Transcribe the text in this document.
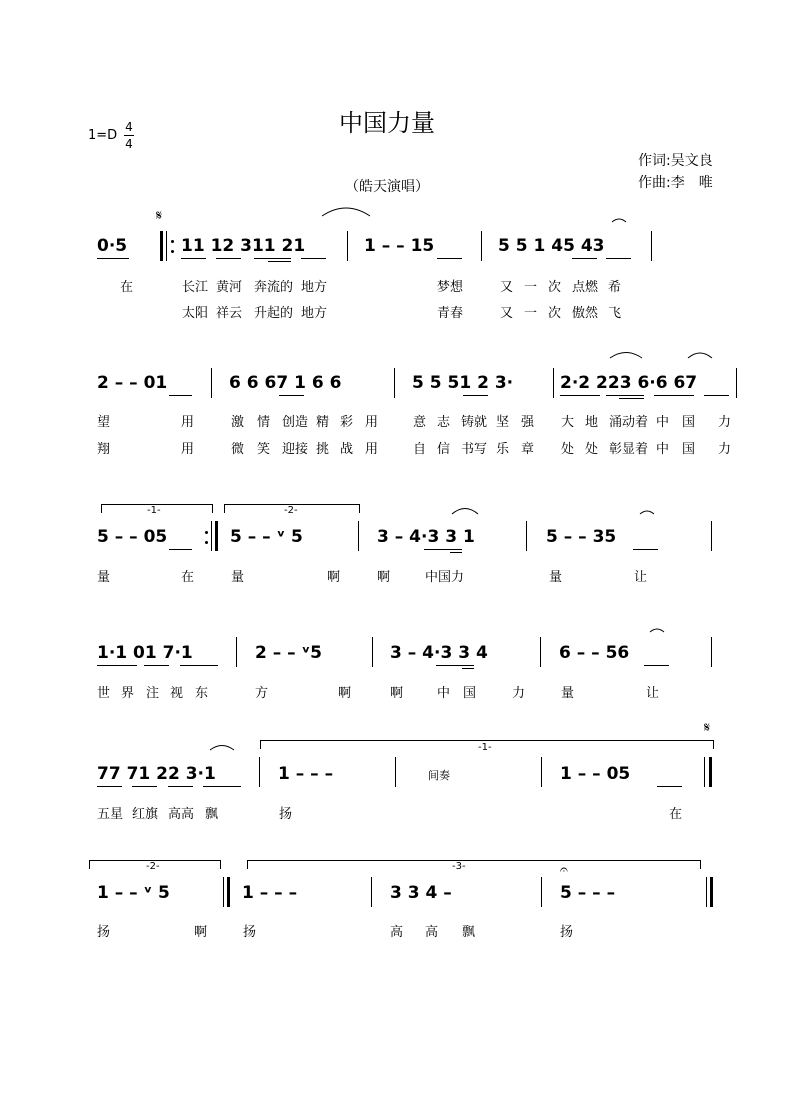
中国力量
1=D
4
4
作词:吴文良
作曲:李　唯
（皓天演唱）
𝄋
𝄋
0·5	11 12 311 21	1 – – 15	5 5 1 45 43
在	长江 黄河 奔流的 地方	梦想	又 一 次 点燃 希
太阳 祥云 升起的 地方	青春	又 一 次 傲然 飞
2 – – 01	6 6 67 1 6 6	5 5 51 2 3·	2·2 223 6·6 67
望	用	激 情 创造 精 彩 用	意 志 铸就 坚 强 大 地 涌动着 中 国 力
翔	用	微 笑 迎接 挑 战 用	自 信 书写 乐 章 处 处 彰显着 中 国 力
-1-	-2-
5 – – 05	5 – – ᵛ 5	3 – 4·3 3 1	5 – – 35
量	在	量	啊	啊	中国力	量	让
1·1 01 7·1	2 – – ᵛ5	3 – 4·3 3 4	6 – – 56
世 界 注 视 东	方	啊	啊	中 国	力	量	让
-1-
77 71 22 3·1	1 – – –	间奏	1 – – 05
五星 红旗 高高 飘	扬	在
-2-	-3-
1 – – ᵛ 5	1 – – –	3 3 4 –	5 – – –
扬	啊	扬	高 高 飘	扬
𝄐
